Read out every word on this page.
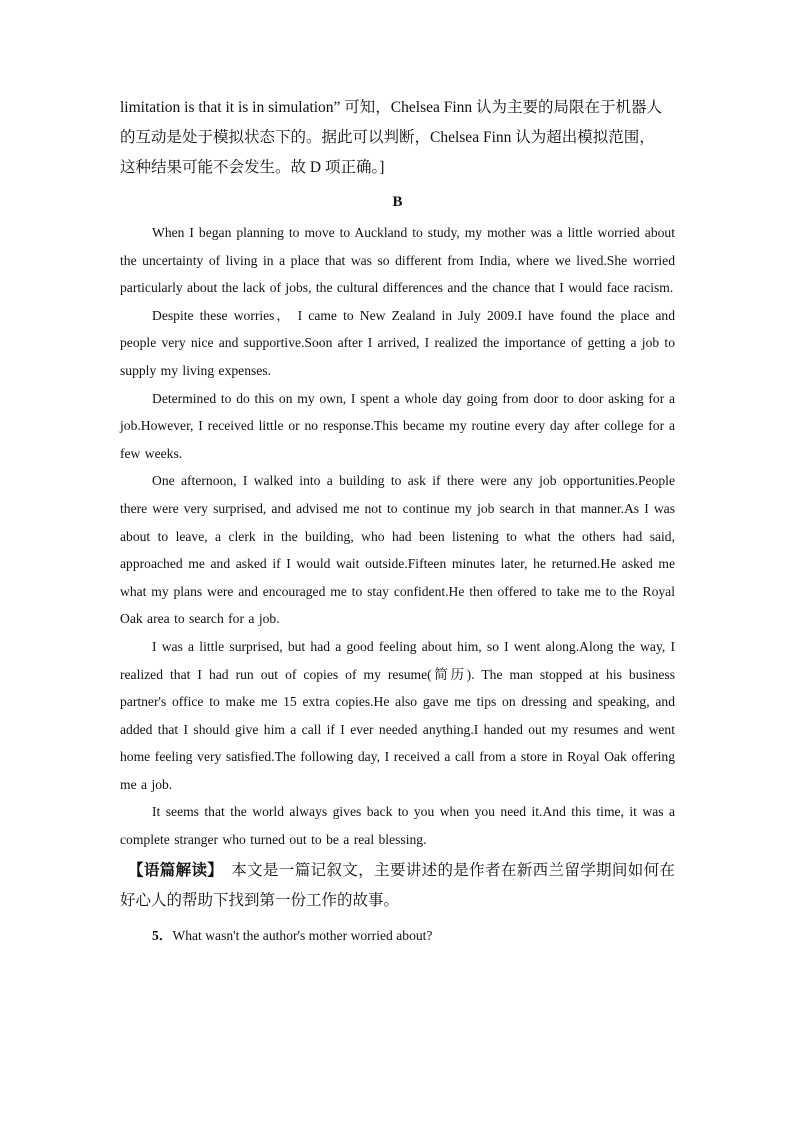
limitation is that it is in simulation” 可知，Chelsea Finn 认为主要的局限在于机器人

的互动是处于模拟状态下的。据此可以判断，Chelsea Finn 认为超出模拟范围，

这种结果可能不会发生。故 D 项正确。]

B

When I began planning to move to Auckland to study, my mother was a little worried about the uncertainty of living in a place that was so different from India, where we lived.She worried particularly about the lack of jobs, the cultural differences and the chance that I would face racism.

Despite these worries， I came to New Zealand in July 2009.I have found the place and people very nice and supportive.Soon after I arrived, I realized the importance of getting a job to supply my living expenses.

Determined to do this on my own, I spent a whole day going from door to door asking for a job.However, I received little or no response.This became my routine every day after college for a few weeks.

One afternoon, I walked into a building to ask if there were any job opportunities.People there were very surprised, and advised me not to continue my job search in that manner.As I was about to leave, a clerk in the building, who had been listening to what the others had said, approached me and asked if I would wait outside.Fifteen minutes later, he returned.He asked me what my plans were and encouraged me to stay confident.He then offered to take me to the Royal Oak area to search for a job.

I was a little surprised, but had a good feeling about him, so I went along.Along the way, I realized that I had run out of copies of my resume(简历). The man stopped at his business partner's office to make me 15 extra copies.He also gave me tips on dressing and speaking, and added that I should give him a call if I ever needed anything.I handed out my resumes and went home feeling very satisfied.The following day, I received a call from a store in Royal Oak offering me a job.

It seems that the world always gives back to you when you need it.And this time, it was a complete stranger who turned out to be a real blessing.

【语篇解读】　本文是一篇记叙文，主要讲述的是作者在新西兰留学期间如何在好心人的帮助下找到第一份工作的故事。
5．What wasn't the author's mother worried about?
